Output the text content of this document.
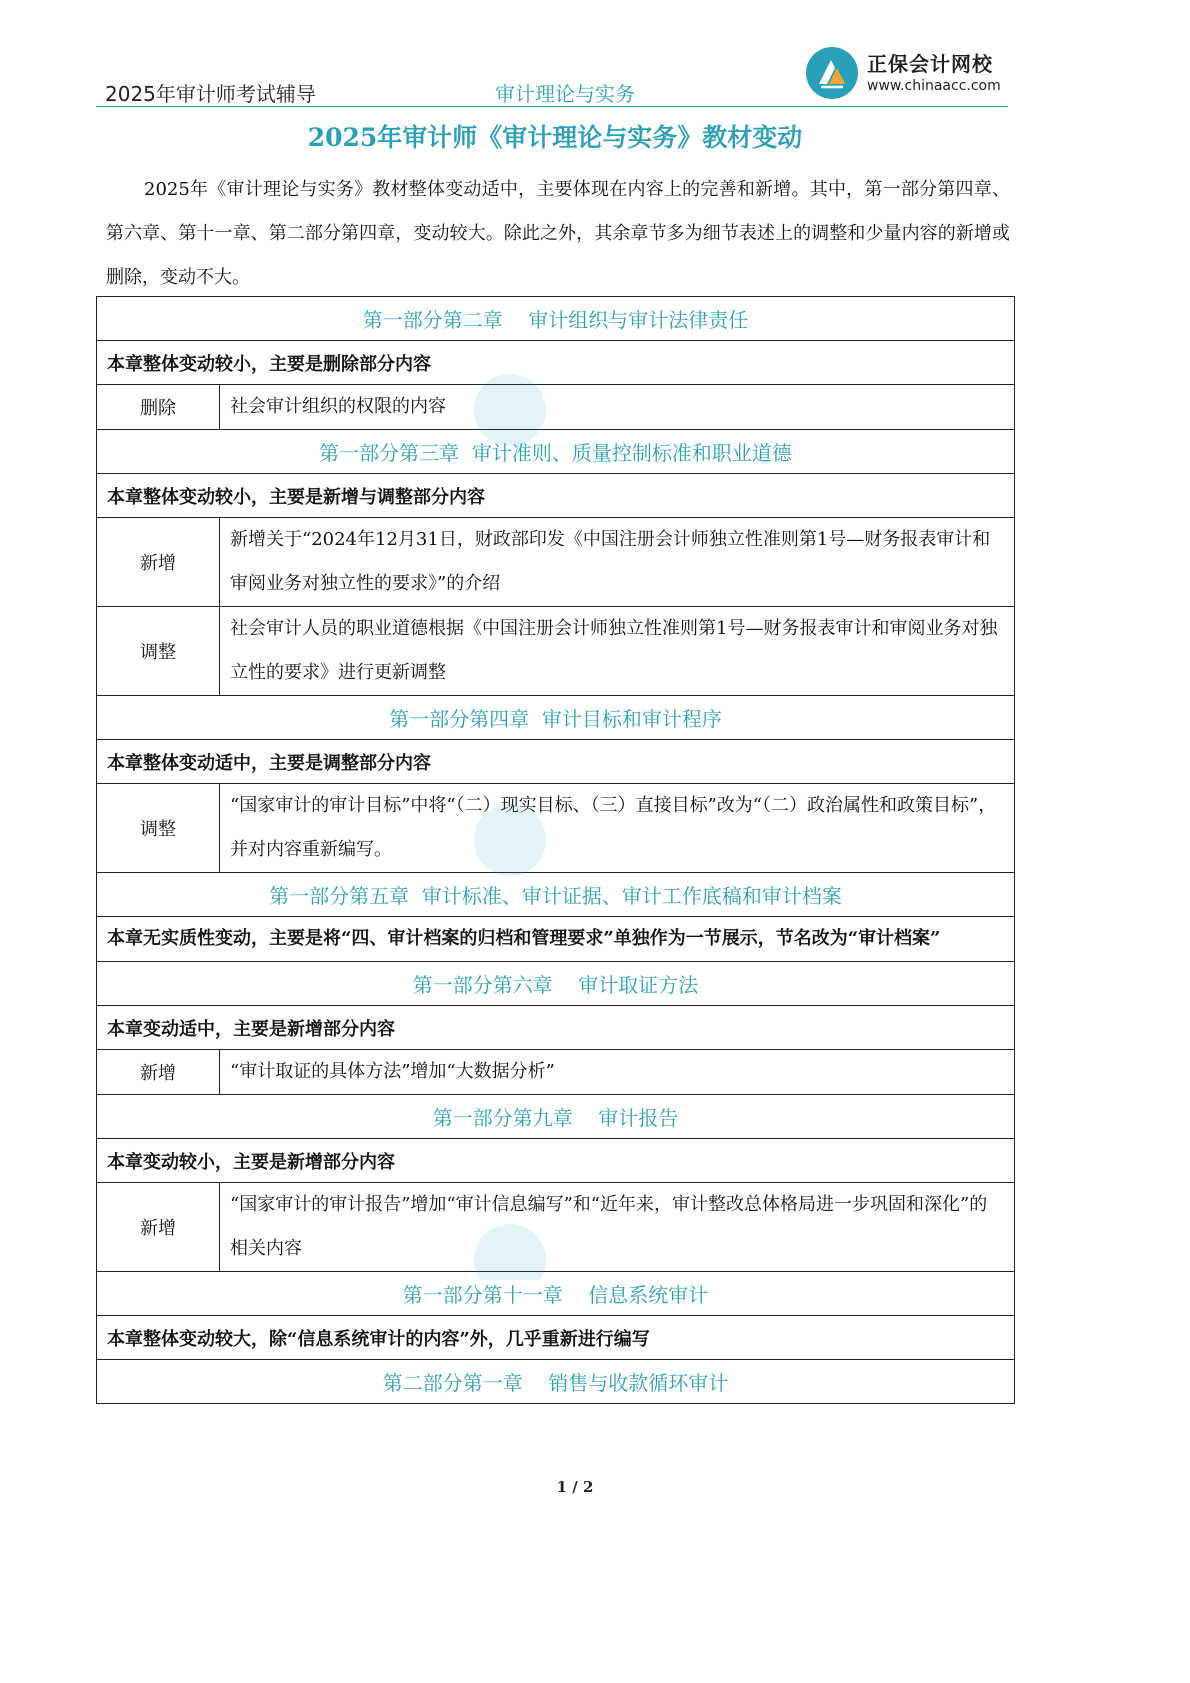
2025年审计师考试辅导	审计理论与实务
正保会计网校
www.chinaacc.com
2025年审计师《审计理论与实务》教材变动
2025年《审计理论与实务》教材整体变动适中，主要体现在内容上的完善和新增。其中，第一部分第四章、第六章、第十一章、第二部分第四章，变动较大。除此之外，其余章节多为细节表述上的调整和少量内容的新增或删除，变动不大。
第一部分第二章    审计组织与审计法律责任	
本章整体变动较小，主要是删除部分内容	
删除	社会审计组织的权限的内容
第一部分第三章  审计准则、质量控制标准和职业道德	
本章整体变动较小，主要是新增与调整部分内容	
新增	新增关于“2024年12月31日，财政部印发《中国注册会计师独立性准则第1号—财务报表审计和审阅业务对独立性的要求》”的介绍
调整	社会审计人员的职业道德根据《中国注册会计师独立性准则第1号—财务报表审计和审阅业务对独立性的要求》进行更新调整
第一部分第四章  审计目标和审计程序	
本章整体变动适中，主要是调整部分内容	
调整	“国家审计的审计目标”中将“（二）现实目标、（三）直接目标”改为“（二）政治属性和政策目标”，并对内容重新编写。
第一部分第五章  审计标准、审计证据、审计工作底稿和审计档案	
本章无实质性变动，主要是将“四、审计档案的归档和管理要求”单独作为一节展示，节名改为“审计档案”	
第一部分第六章    审计取证方法	
本章变动适中，主要是新增部分内容	
新增	“审计取证的具体方法”增加“大数据分析”
第一部分第九章    审计报告	
本章变动较小，主要是新增部分内容	
新增	“国家审计的审计报告”增加“审计信息编写”和“近年来，审计整改总体格局进一步巩固和深化”的相关内容
第一部分第十一章    信息系统审计	
本章整体变动较大，除“信息系统审计的内容”外，几乎重新进行编写	
第二部分第一章    销售与收款循环审计	
1 / 2
